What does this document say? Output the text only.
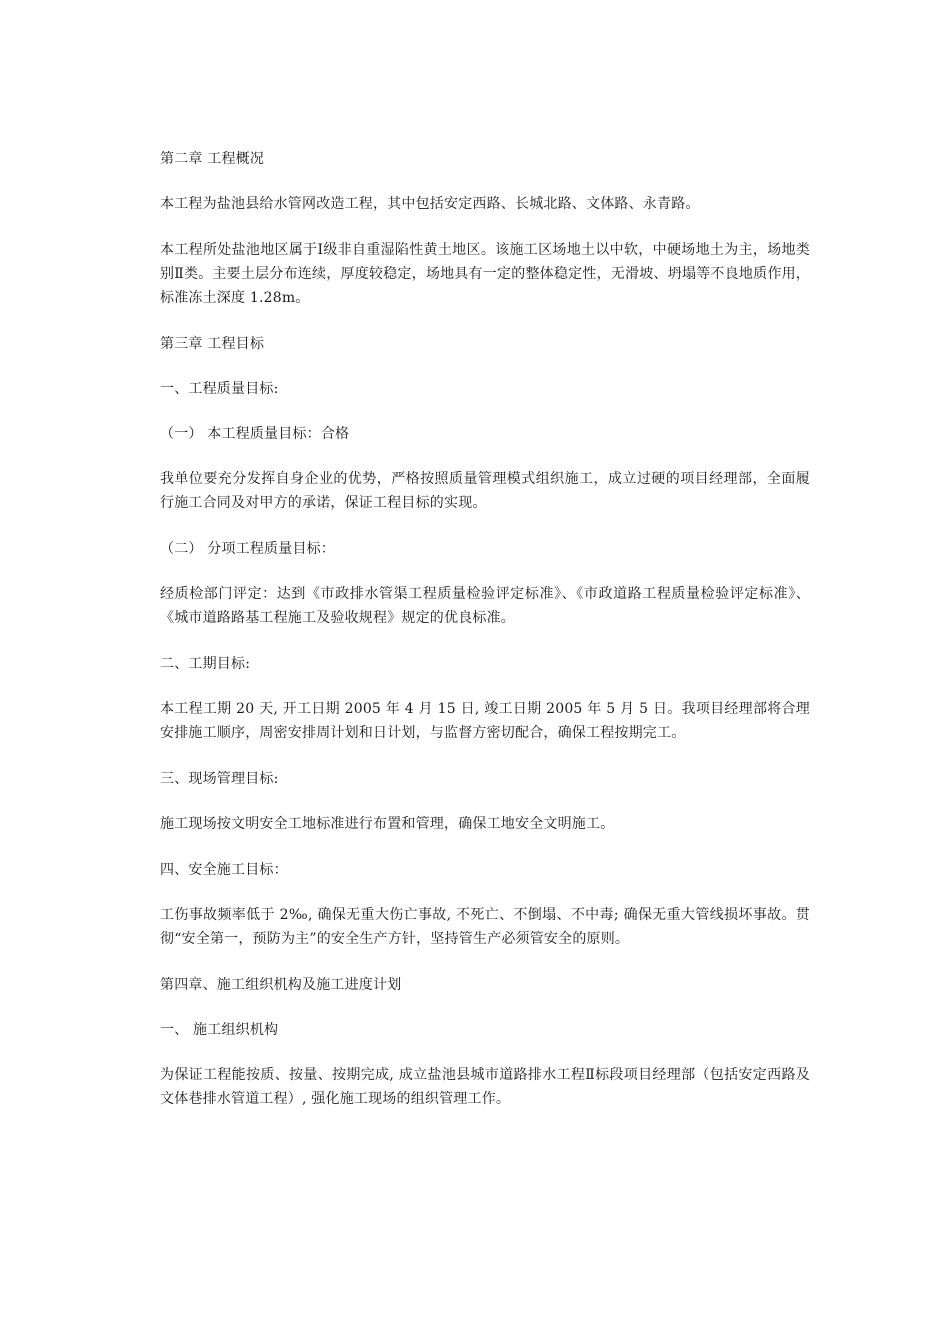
第二章 工程概况

本工程为盐池县给水管网改造工程，其中包括安定西路、长城北路、文体路、永青路。

本工程所处盐池地区属于Ⅰ级非自重湿陷性黄土地区。该施工区场地土以中软，中硬场地土为主，场地类别Ⅱ类。主要土层分布连续，厚度较稳定，场地具有一定的整体稳定性，无滑坡、坍塌等不良地质作用，标准冻土深度 1.28m。

第三章 工程目标

一、工程质量目标:

（一） 本工程质量目标：合格

我单位要充分发挥自身企业的优势，严格按照质量管理模式组织施工，成立过硬的项目经理部，全面履行施工合同及对甲方的承诺，保证工程目标的实现。

（二） 分项工程质量目标：

经质检部门评定：达到《市政排水管渠工程质量检验评定标准》、《市政道路工程质量检验评定标准》、《城市道路路基工程施工及验收规程》规定的优良标准。

二、工期目标:

本工程工期 20 天, 开工日期 2005 年 4 月 15 日, 竣工日期 2005 年 5 月 5 日。我项目经理部将合理安排施工顺序，周密安排周计划和日计划，与监督方密切配合，确保工程按期完工。

三、现场管理目标:

施工现场按文明安全工地标准进行布置和管理，确保工地安全文明施工。

四、安全施工目标：

工伤事故频率低于 2‰, 确保无重大伤亡事故, 不死亡、不倒塌、不中毒; 确保无重大管线损坏事故。贯彻“安全第一，预防为主”的安全生产方针，坚持管生产必须管安全的原则。

第四章、施工组织机构及施工进度计划

一、 施工组织机构

为保证工程能按质、按量、按期完成, 成立盐池县城市道路排水工程Ⅱ标段项目经理部（包括安定西路及文体巷排水管道工程）, 强化施工现场的组织管理工作。
